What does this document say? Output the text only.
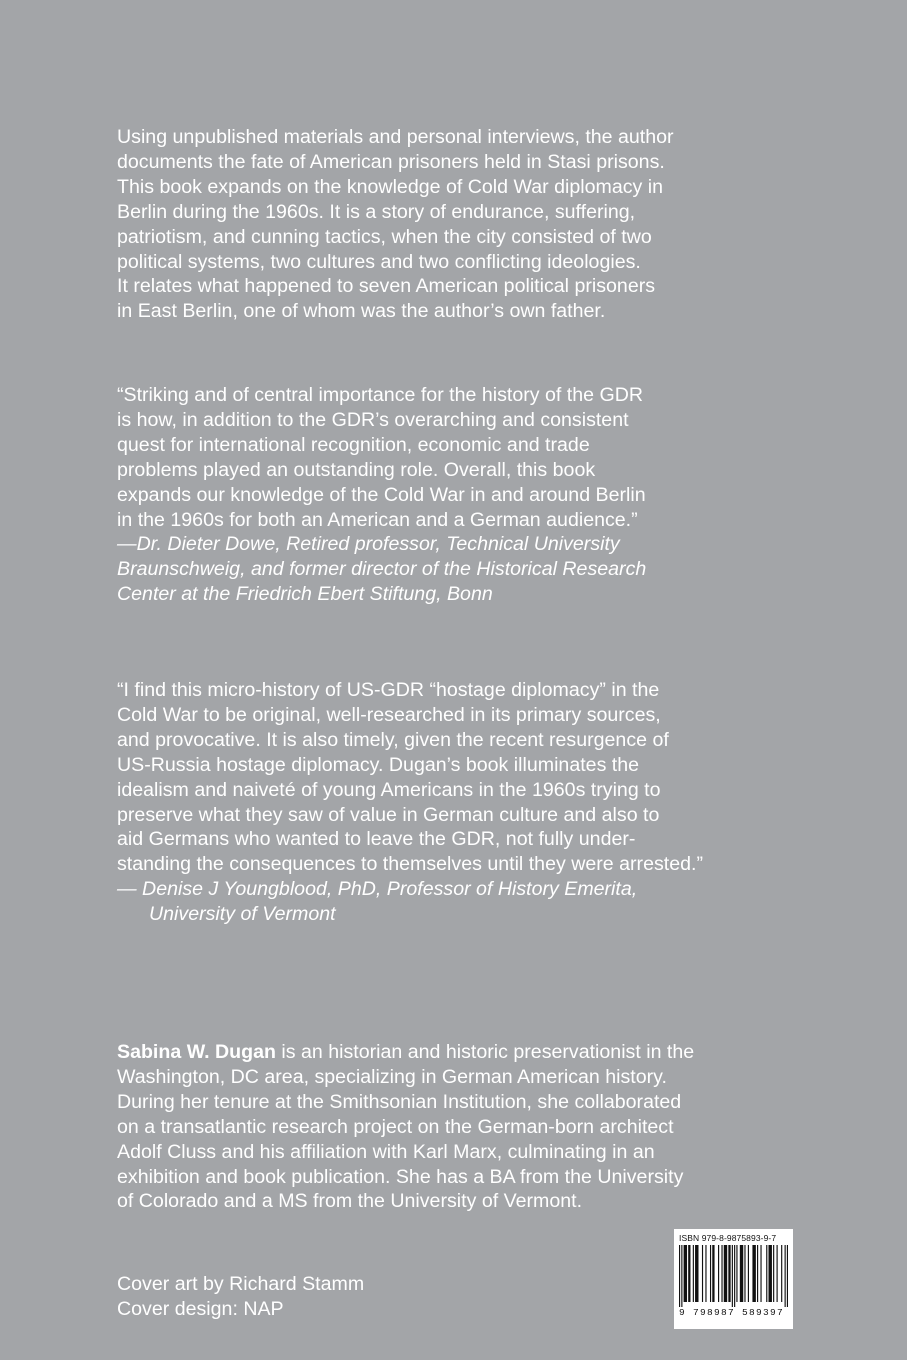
Using unpublished materials and personal interviews, the author
documents the fate of American prisoners held in Stasi prisons.
This book expands on the knowledge of Cold War diplomacy in
Berlin during the 1960s. It is a story of endurance, suffering,
patriotism, and cunning tactics, when the city consisted of two
political systems, two cultures and two conflicting ideologies.
It relates what happened to seven American political prisoners
in East Berlin, one of whom was the author’s own father.
“Striking and of central importance for the history of the GDR
is how, in addition to the GDR’s overarching and consistent
quest for international recognition, economic and trade
problems played an outstanding role. Overall, this book
expands our knowledge of the Cold War in and around Berlin
in the 1960s for both an American and a German audience.”
—Dr. Dieter Dowe, Retired professor, Technical University
Braunschweig, and former director of the Historical Research
Center at the Friedrich Ebert Stiftung, Bonn
“I find this micro-history of US-GDR “hostage diplomacy” in the
Cold War to be original, well-researched in its primary sources,
and provocative. It is also timely, given the recent resurgence of
US-Russia hostage diplomacy. Dugan’s book illuminates the
idealism and naiveté of young Americans in the 1960s trying to
preserve what they saw of value in German culture and also to
aid Germans who wanted to leave the GDR, not fully under-
standing the consequences to themselves until they were arrested.”
— Denise J Youngblood, PhD, Professor of History Emerita,
University of Vermont
Sabina W. Dugan is an historian and historic preservationist in the
Washington, DC area, specializing in German American history.
During her tenure at the Smithsonian Institution, she collaborated
on a transatlantic research project on the German-born architect
Adolf Cluss and his affiliation with Karl Marx, culminating in an
exhibition and book publication. She has a BA from the University
of Colorado and a MS from the University of Vermont.
Cover art by Richard Stamm
Cover design: NAP
ISBN 979-8-9875893-9-7
9 798987 589397
